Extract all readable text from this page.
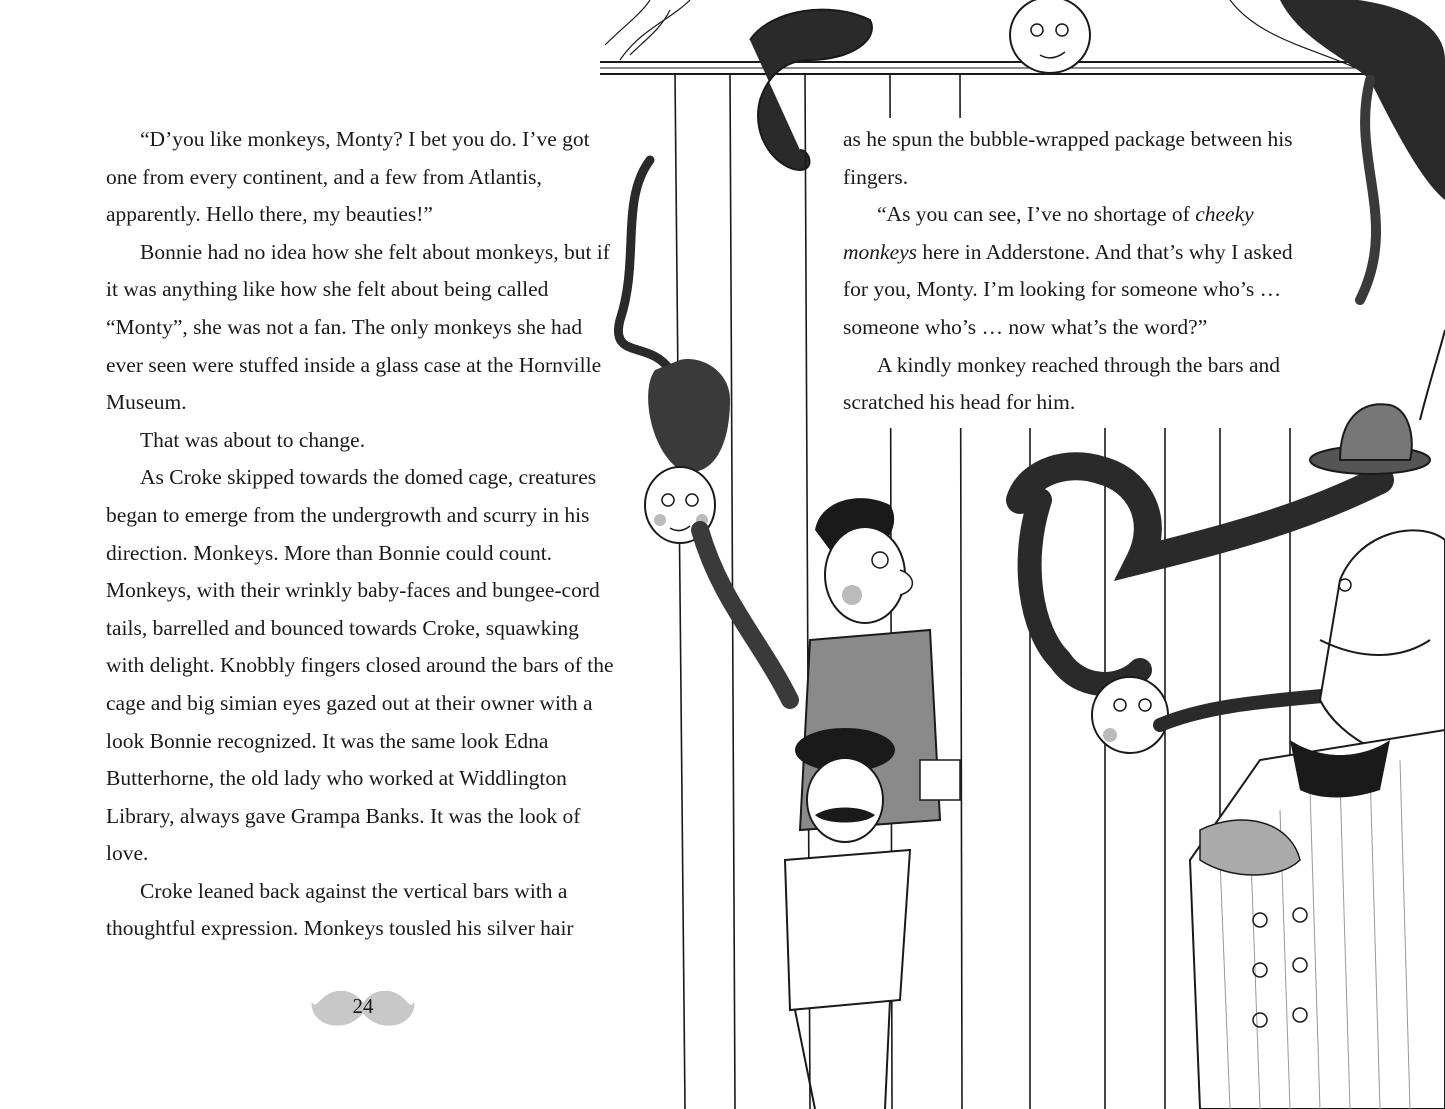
“D’you like monkeys, Monty? I bet you do. I’ve got one from every continent, and a few from Atlantis, apparently. Hello there, my beauties!”

Bonnie had no idea how she felt about monkeys, but if it was anything like how she felt about being called “Monty”, she was not a fan. The only monkeys she had ever seen were stuffed inside a glass case at the Hornville Museum.

That was about to change.

As Croke skipped towards the domed cage, creatures began to emerge from the undergrowth and scurry in his direction. Monkeys. More than Bonnie could count. Monkeys, with their wrinkly baby-faces and bungee-cord tails, barrelled and bounced towards Croke, squawking with delight. Knobbly fingers closed around the bars of the cage and big simian eyes gazed out at their owner with a look Bonnie recognized. It was the same look Edna Butterhorne, the old lady who worked at Widdlington Library, always gave Grampa Banks. It was the look of love.

Croke leaned back against the vertical bars with a thoughtful expression. Monkeys tousled his silver hair

24

as he spun the bubble-wrapped package between his fingers.

“As you can see, I’ve no shortage of cheeky monkeys here in Adderstone. And that’s why I asked for you, Monty. I’m looking for someone who’s … someone who’s … now what’s the word?”

A kindly monkey reached through the bars and scratched his head for him.
